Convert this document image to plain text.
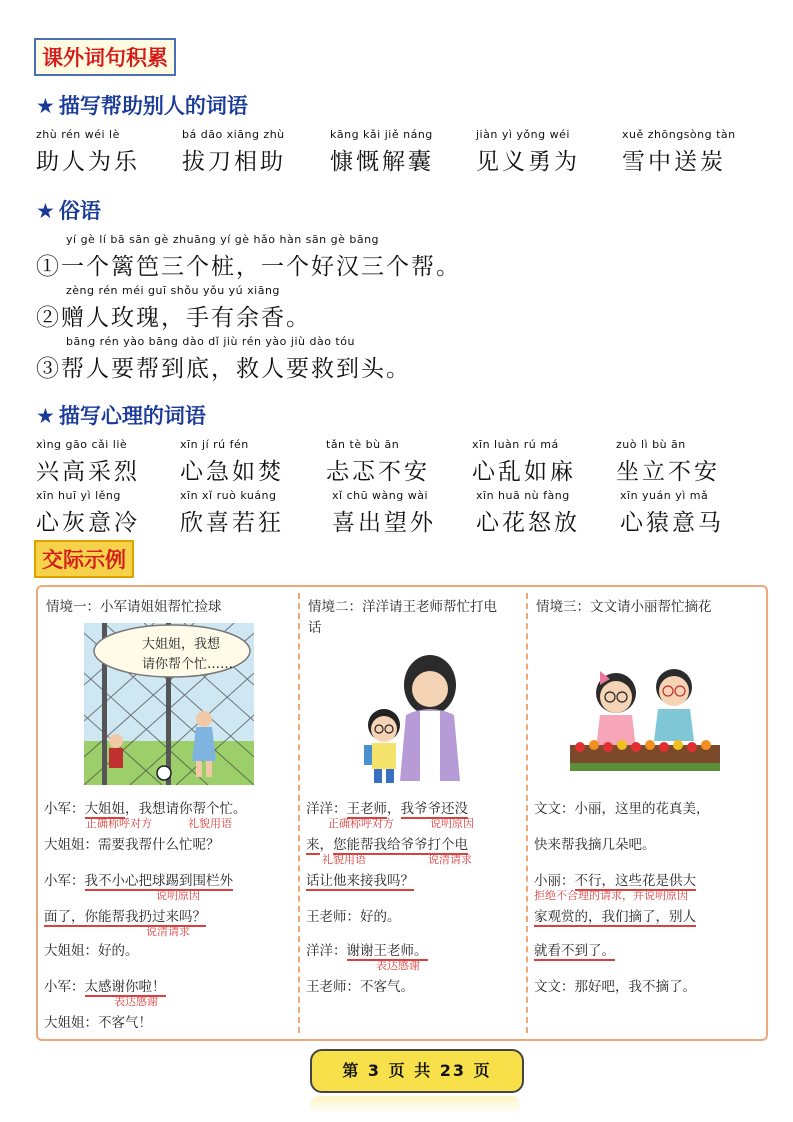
课外词句积累
★ 描写帮助别人的词语
zhù rén wéi lè
助人为乐
bá dāo xiāng zhù
拔刀相助
kāng kǎi jiě náng
慷慨解囊
jiàn yì yǒng wéi
见义勇为
xuě zhōngsòng tàn
雪中送炭
★ 俗语
yí gè lí bā sān gè zhuāng yí gè hǎo hàn sān gè bāng
①一个篱笆三个桩，一个好汉三个帮。
zèng rén méi guī shǒu yǒu yú xiāng
②赠人玫瑰，手有余香。
bāng rén yào bāng dào dǐ jiù rén yào jiù dào tóu
③帮人要帮到底，救人要救到头。
★ 描写心理的词语
xìng gāo cǎi liè
兴高采烈
xīn jí rú fén
心急如焚
tǎn tè bù ān
忐忑不安
xīn luàn rú má
心乱如麻
zuò lì bù ān
坐立不安
xīn huī yì lěng
心灰意冷
xīn xǐ ruò kuáng
欣喜若狂
xǐ chū wàng wài
喜出望外
xīn huā nù fàng
心花怒放
xīn yuán yì mǎ
心猿意马
交际示例
情境一：小军请姐姐帮忙捡球
大姐姐，我想
请你帮个忙……
小军：大姐姐，我想请你帮个忙。
正确称呼对方	礼貌用语
大姐姐：需要我帮什么忙呢？
小军：我不小心把球踢到围栏外
说明原因
面了，你能帮我扔过来吗？
说清请求
大姐姐：好的。
小军：太感谢你啦！
表达感谢
大姐姐：不客气！
情境二：洋洋请王老师帮忙打电话
洋洋：王老师，我爷爷还没
正确称呼对方	说明原因
来，您能帮我给爷爷打个电
礼貌用语	说清请求
话让他来接我吗？
王老师：好的。
洋洋：谢谢王老师。
表达感谢
王老师：不客气。
情境三：文文请小丽帮忙摘花
文文：小丽，这里的花真美，
快来帮我摘几朵吧。
小丽：不行，这些花是供大
拒绝不合理的请求，并说明原因
家观赏的，我们摘了，别人
就看不到了。
文文：那好吧，我不摘了。
第 3 页 共 23 页
